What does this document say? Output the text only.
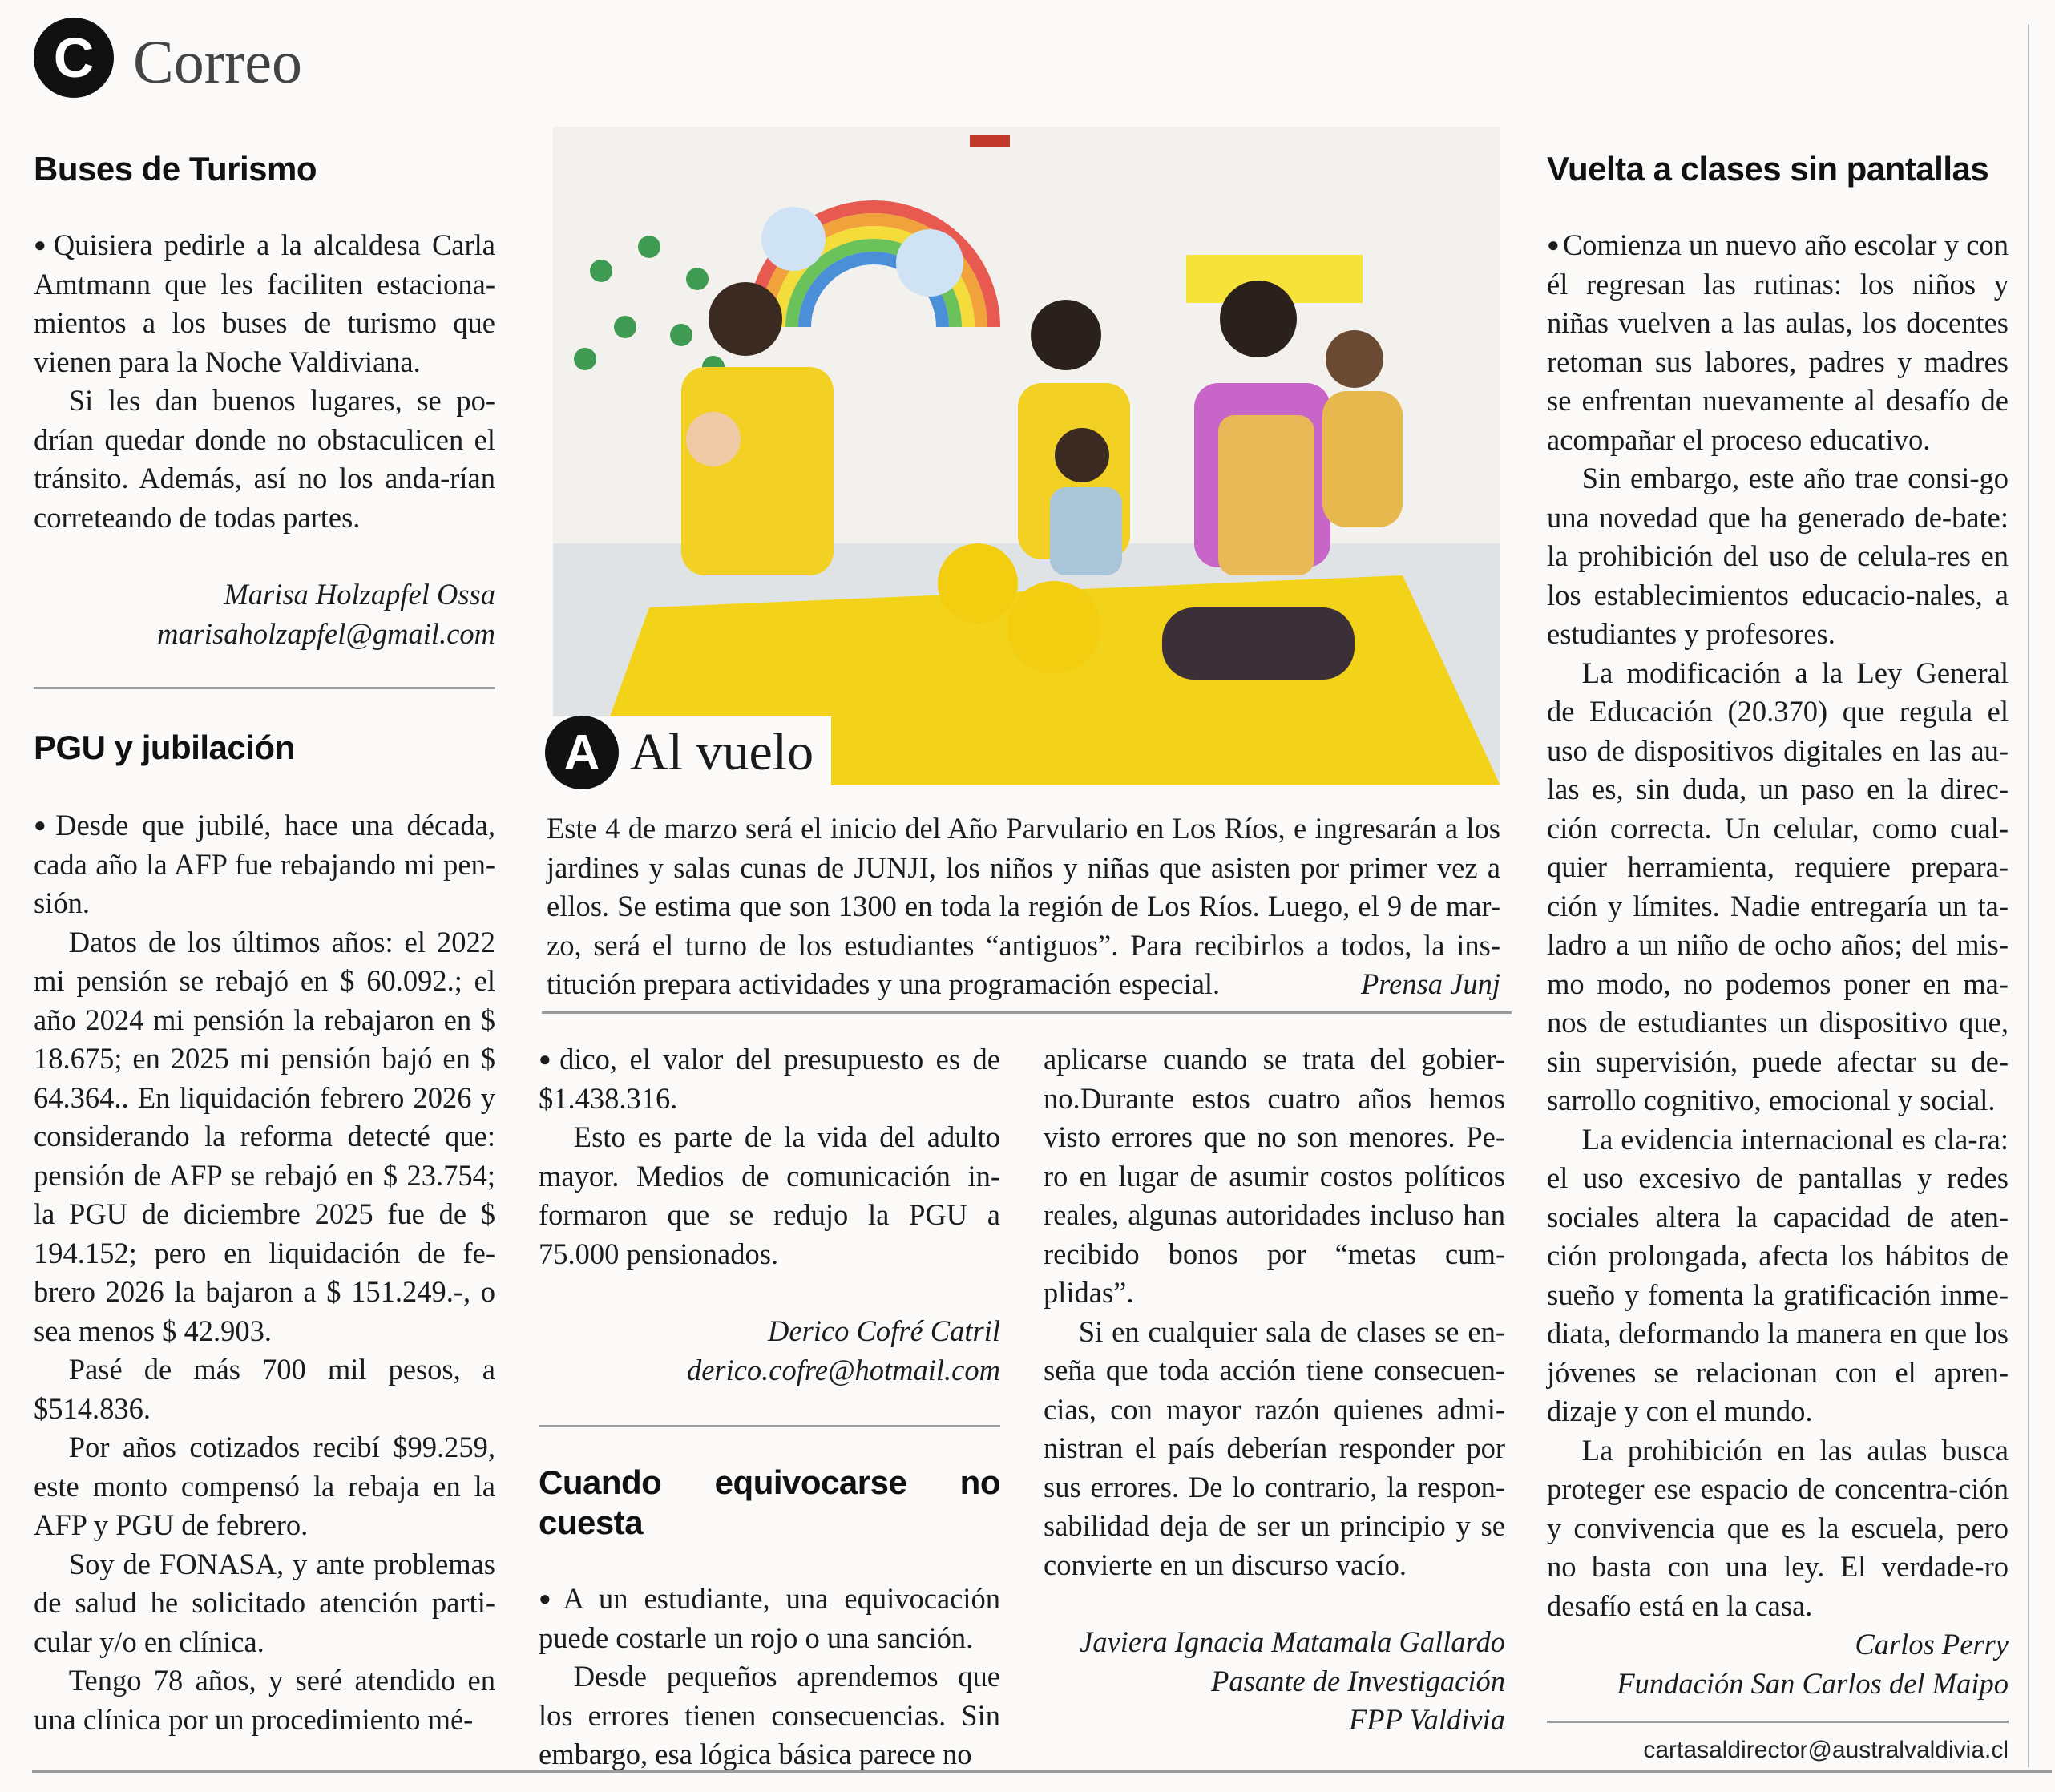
C Correo
Buses de Turismo

● Quisiera pedirle a la alcaldesa Carla Amtmann que les faciliten estaciona-mientos a los buses de turismo que vienen para la Noche Valdiviana.

Si les dan buenos lugares, se po-drían quedar donde no obstaculicen el tránsito. Además, así no los anda-rían correteando de todas partes.

Marisa Holzapfel Ossa

marisaholzapfel@gmail.com

PGU y jubilación

● Desde que jubilé, hace una década, cada año la AFP fue rebajando mi pen-sión.

Datos de los últimos años: el 2022 mi pensión se rebajó en $ 60.092.; el año 2024 mi pensión la rebajaron en $ 18.675; en 2025 mi pensión bajó en $ 64.364.. En liquidación febrero 2026 y considerando la reforma detecté que: pensión de AFP se rebajó en $ 23.754; la PGU de diciembre 2025 fue de $ 194.152; pero en liquidación de fe-brero 2026 la bajaron a $ 151.249.-, o sea menos $ 42.903.

Pasé de más 700 mil pesos, a $514.836.

Por años cotizados recibí $99.259, este monto compensó la rebaja en la AFP y PGU de febrero.

Soy de FONASA, y ante problemas de salud he solicitado atención parti-cular y/o en clínica.

Tengo 78 años, y seré atendido en una clínica por un procedimiento mé-

A Al vuelo
Este 4 de marzo será el inicio del Año Parvulario en Los Ríos, e ingresarán a los jardines y salas cunas de JUNJI, los niños y niñas que asisten por primer vez a ellos. Se estima que son 1300 en toda la región de Los Ríos. Luego, el 9 de mar-zo, será el turno de los estudiantes “antiguos”. Para recibirlos a todos, la ins-titución prepara actividades y una programación especial.	Prensa Junj

● dico, el valor del presupuesto es de $1.438.316.

Esto es parte de la vida del adulto mayor. Medios de comunicación in-formaron que se redujo la PGU a 75.000 pensionados.

Derico Cofré Catril

derico.cofre@hotmail.com

Cuando equivocarse no cuesta

● A un estudiante, una equivocación puede costarle un rojo o una sanción.

Desde pequeños aprendemos que los errores tienen consecuencias. Sin embargo, esa lógica básica parece no

aplicarse cuando se trata del gobier-no.Durante estos cuatro años hemos visto errores que no son menores. Pe-ro en lugar de asumir costos políticos reales, algunas autoridades incluso han recibido bonos por “metas cum-plidas”.

Si en cualquier sala de clases se en-seña que toda acción tiene consecuen-cias, con mayor razón quienes admi-nistran el país deberían responder por sus errores. De lo contrario, la respon-sabilidad deja de ser un principio y se convierte en un discurso vacío.

Javiera Ignacia Matamala Gallardo

Pasante de Investigación

FPP Valdivia

Vuelta a clases sin pantallas

● Comienza un nuevo año escolar y con él regresan las rutinas: los niños y niñas vuelven a las aulas, los docentes retoman sus labores, padres y madres se enfrentan nuevamente al desafío de acompañar el proceso educativo.

Sin embargo, este año trae consi-go una novedad que ha generado de-bate: la prohibición del uso de celula-res en los establecimientos educacio-nales, a estudiantes y profesores.

La modificación a la Ley General de Educación (20.370) que regula el uso de dispositivos digitales en las au-las es, sin duda, un paso en la direc-ción correcta. Un celular, como cual-quier herramienta, requiere prepara-ción y límites. Nadie entregaría un ta-ladro a un niño de ocho años; del mis-mo modo, no podemos poner en ma-nos de estudiantes un dispositivo que, sin supervisión, puede afectar su de-sarrollo cognitivo, emocional y social.

La evidencia internacional es cla-ra: el uso excesivo de pantallas y redes sociales altera la capacidad de aten-ción prolongada, afecta los hábitos de sueño y fomenta la gratificación inme-diata, deformando la manera en que los jóvenes se relacionan con el apren-dizaje y con el mundo.

La prohibición en las aulas busca proteger ese espacio de concentra-ción y convivencia que es la escuela, pero no basta con una ley. El verdade-ro desafío está en la casa.

Carlos Perry

Fundación San Carlos del Maipo

cartasaldirector@australvaldivia.cl
